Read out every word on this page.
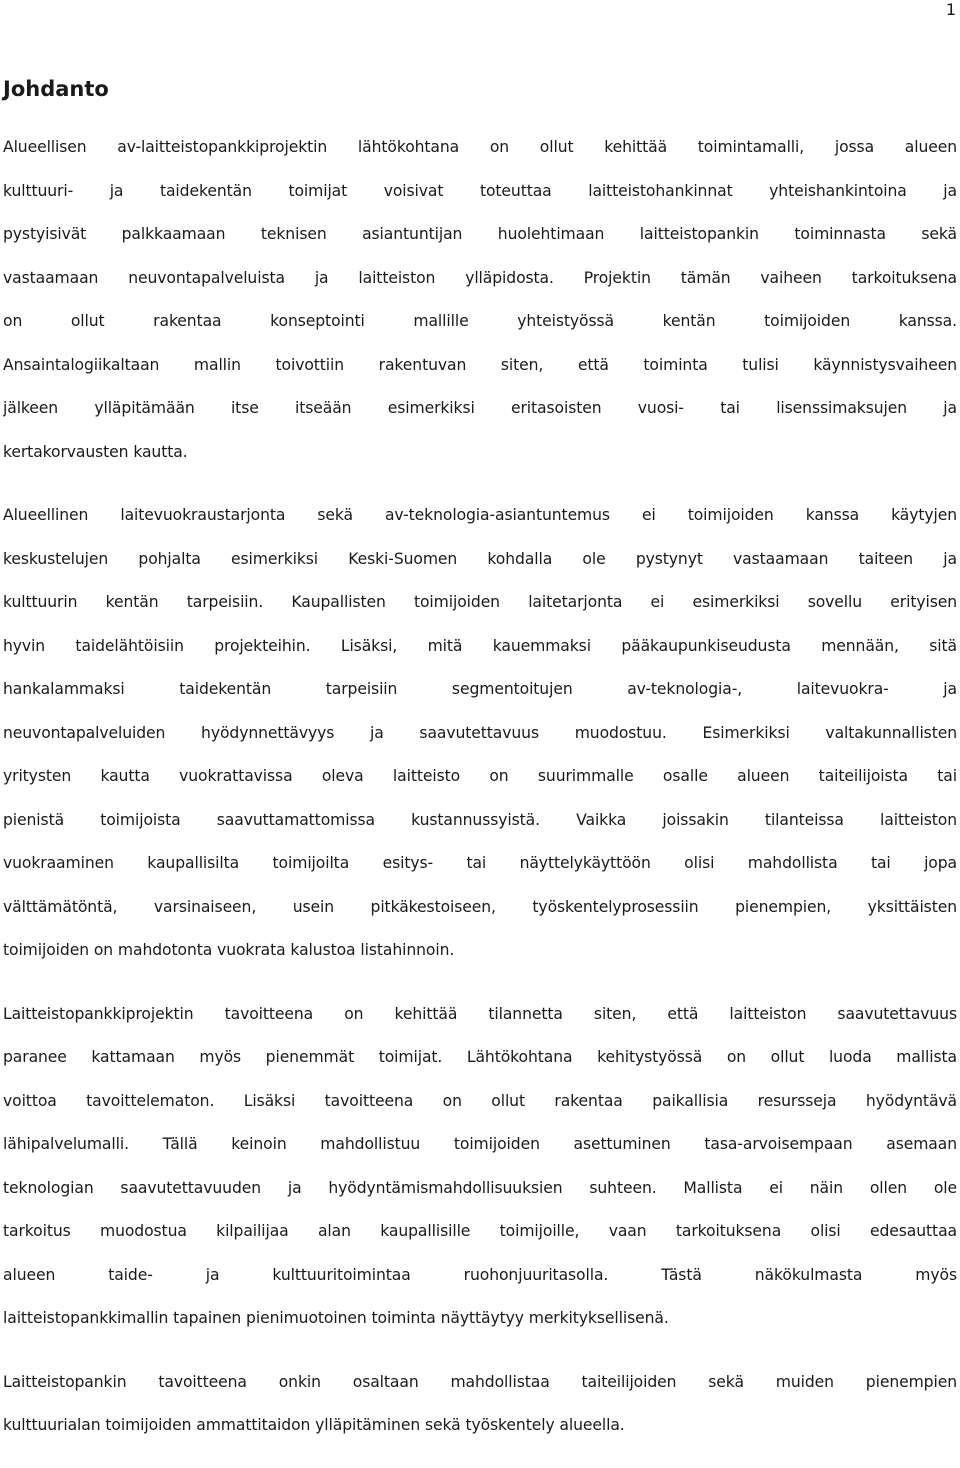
1
Johdanto

Alueellisen av-laitteistopankkiprojektin lähtökohtana on ollut kehittää toimintamalli, jossa alueen
kulttuuri- ja taidekentän toimijat voisivat toteuttaa laitteistohankinnat yhteishankintoina ja
pystyisivät palkkaamaan teknisen asiantuntijan huolehtimaan laitteistopankin toiminnasta sekä
vastaamaan neuvontapalveluista ja laitteiston ylläpidosta. Projektin tämän vaiheen tarkoituksena
on ollut rakentaa konseptointi mallille yhteistyössä kentän toimijoiden kanssa.
Ansaintalogiikaltaan mallin toivottiin rakentuvan siten, että toiminta tulisi käynnistysvaiheen
jälkeen ylläpitämään itse itseään esimerkiksi eritasoisten vuosi- tai lisenssimaksujen ja
kertakorvausten kautta.

Alueellinen laitevuokraustarjonta sekä av-teknologia-asiantuntemus ei toimijoiden kanssa käytyjen
keskustelujen pohjalta esimerkiksi Keski-Suomen kohdalla ole pystynyt vastaamaan taiteen ja
kulttuurin kentän tarpeisiin. Kaupallisten toimijoiden laitetarjonta ei esimerkiksi sovellu erityisen
hyvin taidelähtöisiin projekteihin. Lisäksi, mitä kauemmaksi pääkaupunkiseudusta mennään, sitä
hankalammaksi taidekentän tarpeisiin segmentoitujen av-teknologia-, laitevuokra- ja
neuvontapalveluiden hyödynnettävyys ja saavutettavuus muodostuu. Esimerkiksi valtakunnallisten
yritysten kautta vuokrattavissa oleva laitteisto on suurimmalle osalle alueen taiteilijoista tai
pienistä toimijoista saavuttamattomissa kustannussyistä. Vaikka joissakin tilanteissa laitteiston
vuokraaminen kaupallisilta toimijoilta esitys- tai näyttelykäyttöön olisi mahdollista tai jopa
välttämätöntä, varsinaiseen, usein pitkäkestoiseen, työskentelyprosessiin pienempien, yksittäisten
toimijoiden on mahdotonta vuokrata kalustoa listahinnoin.

Laitteistopankkiprojektin tavoitteena on kehittää tilannetta siten, että laitteiston saavutettavuus
paranee kattamaan myös pienemmät toimijat. Lähtökohtana kehitystyössä on ollut luoda mallista
voittoa tavoittelematon. Lisäksi tavoitteena on ollut rakentaa paikallisia resursseja hyödyntävä
lähipalvelumalli. Tällä keinoin mahdollistuu toimijoiden asettuminen tasa-arvoisempaan asemaan
teknologian saavutettavuuden ja hyödyntämismahdollisuuksien suhteen. Mallista ei näin ollen ole
tarkoitus muodostua kilpailijaa alan kaupallisille toimijoille, vaan tarkoituksena olisi edesauttaa
alueen taide- ja kulttuuritoimintaa ruohonjuuritasolla. Tästä näkökulmasta myös
laitteistopankkimallin tapainen pienimuotoinen toiminta näyttäytyy merkityksellisenä.

Laitteistopankin tavoitteena onkin osaltaan mahdollistaa taiteilijoiden sekä muiden pienempien
kulttuurialan toimijoiden ammattitaidon ylläpitäminen sekä työskentely alueella.
